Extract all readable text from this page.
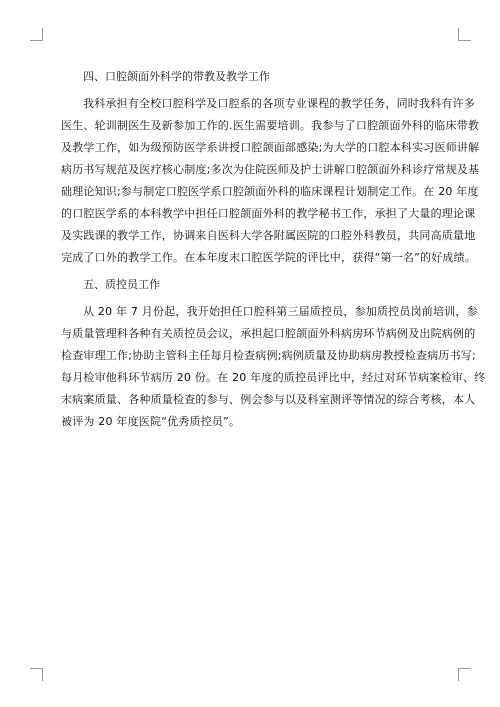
四、口腔颌面外科学的带教及教学工作

我科承担有全校口腔科学及口腔系的各项专业课程的教学任务，同时我科有许多
医生、轮训制医生及新参加工作的.医生需要培训。我参与了口腔颌面外科的临床带教
及教学工作，如为级预防医学系讲授口腔颌面部感染;为大学的口腔本科实习医师讲解
病历书写规范及医疗核心制度;多次为住院医师及护士讲解口腔颌面外科诊疗常规及基
础理论知识;参与制定口腔医学系口腔颌面外科的临床课程计划制定工作。在 20 年度
的口腔医学系的本科教学中担任口腔颌面外科的教学秘书工作，承担了大量的理论课
及实践课的教学工作，协调来自医科大学各附属医院的口腔外科教员，共同高质量地
完成了口外的教学工作。在本年度末口腔医学院的评比中，获得“第一名”的好成绩。

五、质控员工作

从 20 年 7 月份起，我开始担任口腔科第三届质控员，参加质控员岗前培训，参
与质量管理科各种有关质控员会议，承担起口腔颌面外科病房环节病例及出院病例的
检查审理工作;协助主管科主任每月检查病例;病例质量及协助病房教授检查病历书写;
每月检审他科环节病历 20 份。在 20 年度的质控员评比中，经过对环节病案检审、终
末病案质量、各种质量检查的参与、例会参与以及科室测评等情况的综合考核，本人
被评为 20 年度医院“优秀质控员”。
